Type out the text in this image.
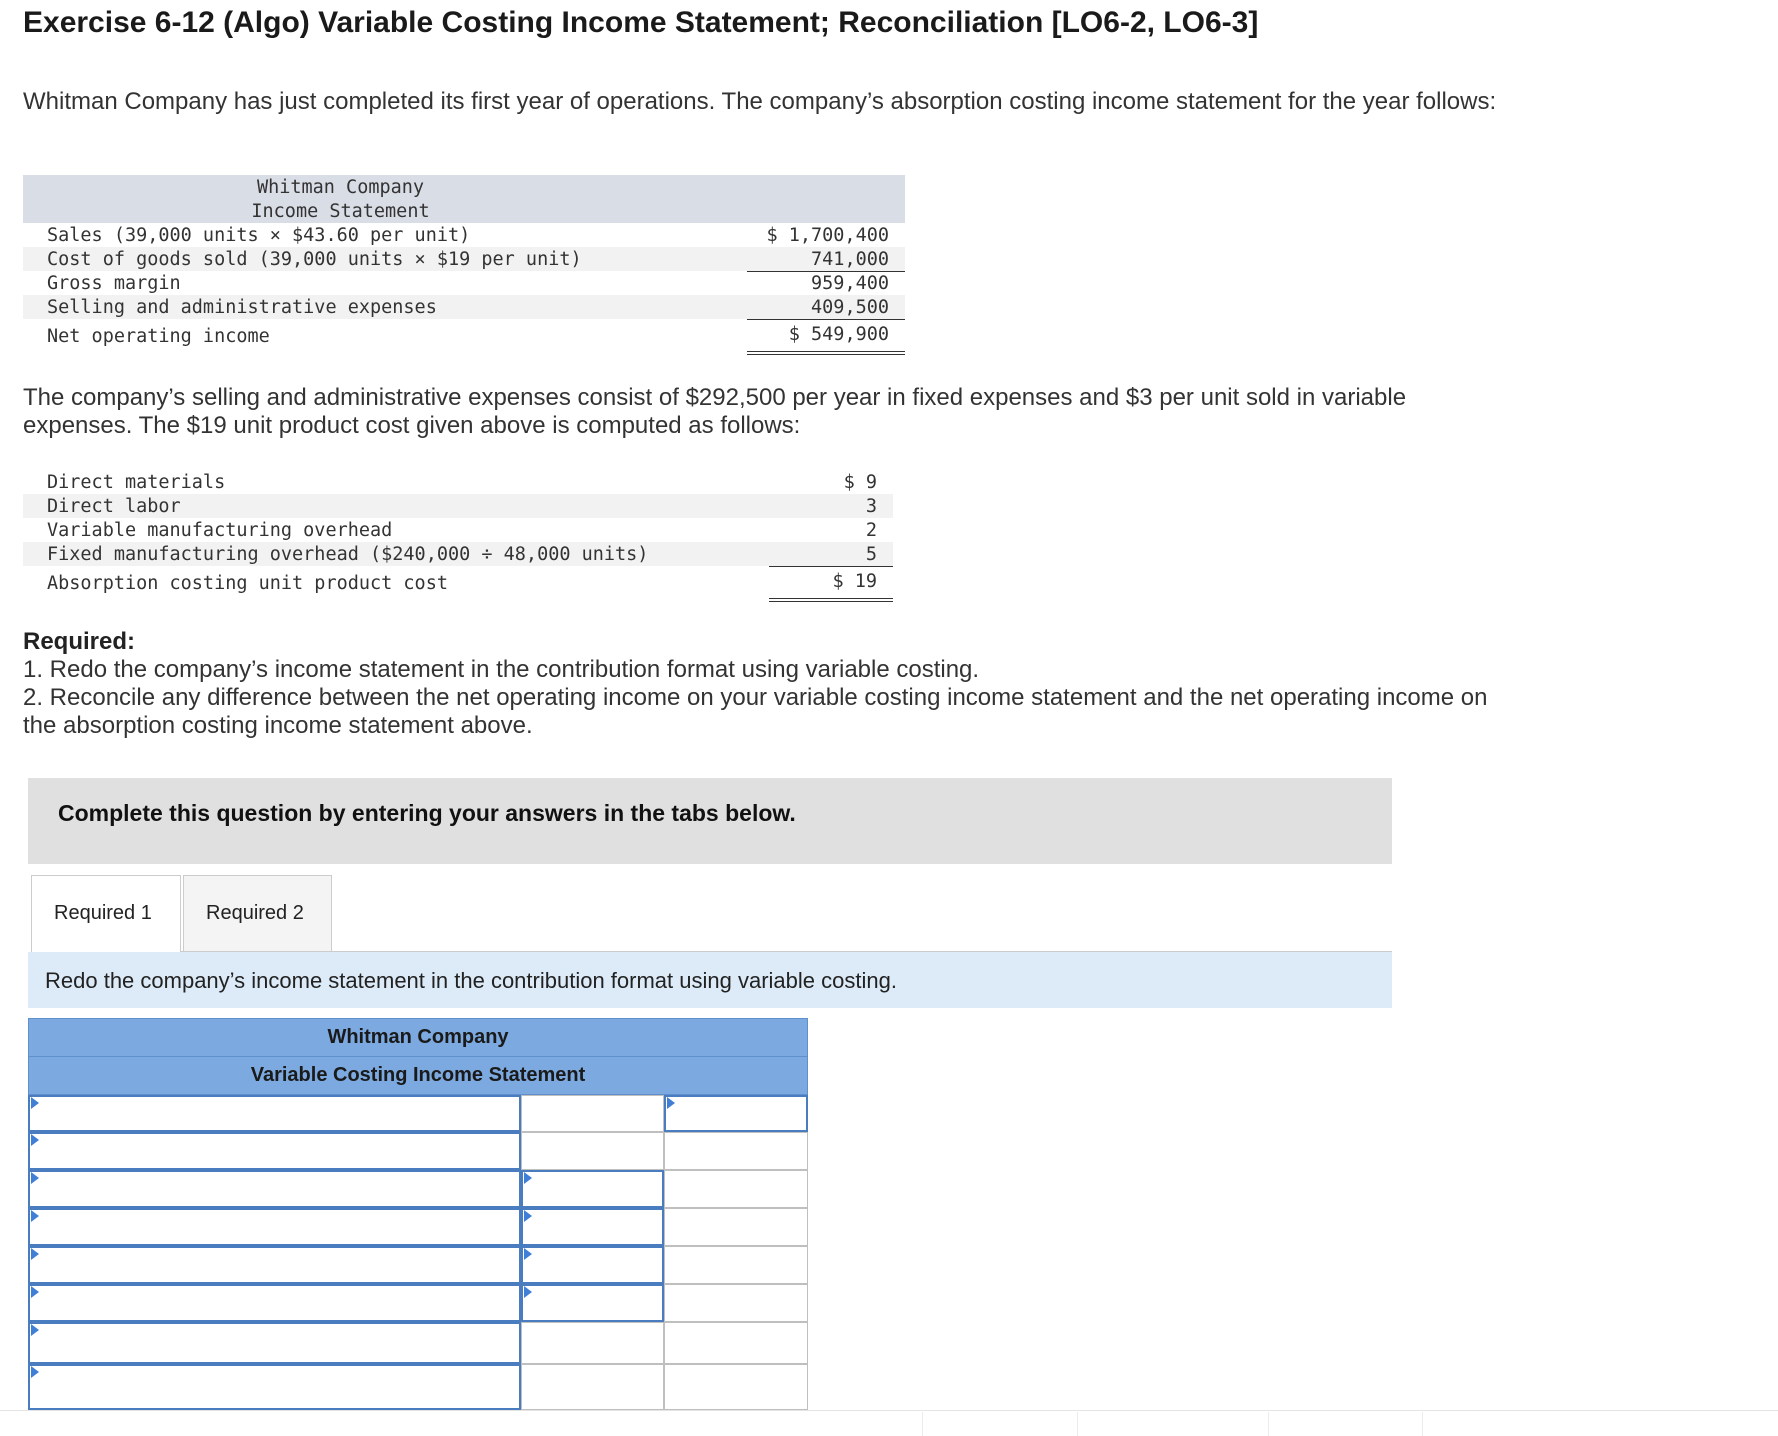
Exercise 6-12 (Algo) Variable Costing Income Statement; Reconciliation [LO6-2, LO6-3]
Whitman Company has just completed its first year of operations. The company’s absorption costing income statement for the year follows:
Whitman Company
Income Statement
Sales (39,000 units × $43.60 per unit)	$ 1,700,400
Cost of goods sold (39,000 units × $19 per unit)	741,000
Gross margin	959,400
Selling and administrative expenses	409,500
Net operating income	$ 549,900
The company’s selling and administrative expenses consist of $292,500 per year in fixed expenses and $3 per unit sold in variable expenses. The $19 unit product cost given above is computed as follows:
Direct materials	$ 9
Direct labor	3
Variable manufacturing overhead	2
Fixed manufacturing overhead ($240,000 ÷ 48,000 units)	5
Absorption costing unit product cost	$ 19
Required:
1. Redo the company’s income statement in the contribution format using variable costing.
2. Reconcile any difference between the net operating income on your variable costing income statement and the net operating income on the absorption costing income statement above.
Complete this question by entering your answers in the tabs below.
Required 1	Required 2
Redo the company’s income statement in the contribution format using variable costing.
Whitman Company
Variable Costing Income Statement
